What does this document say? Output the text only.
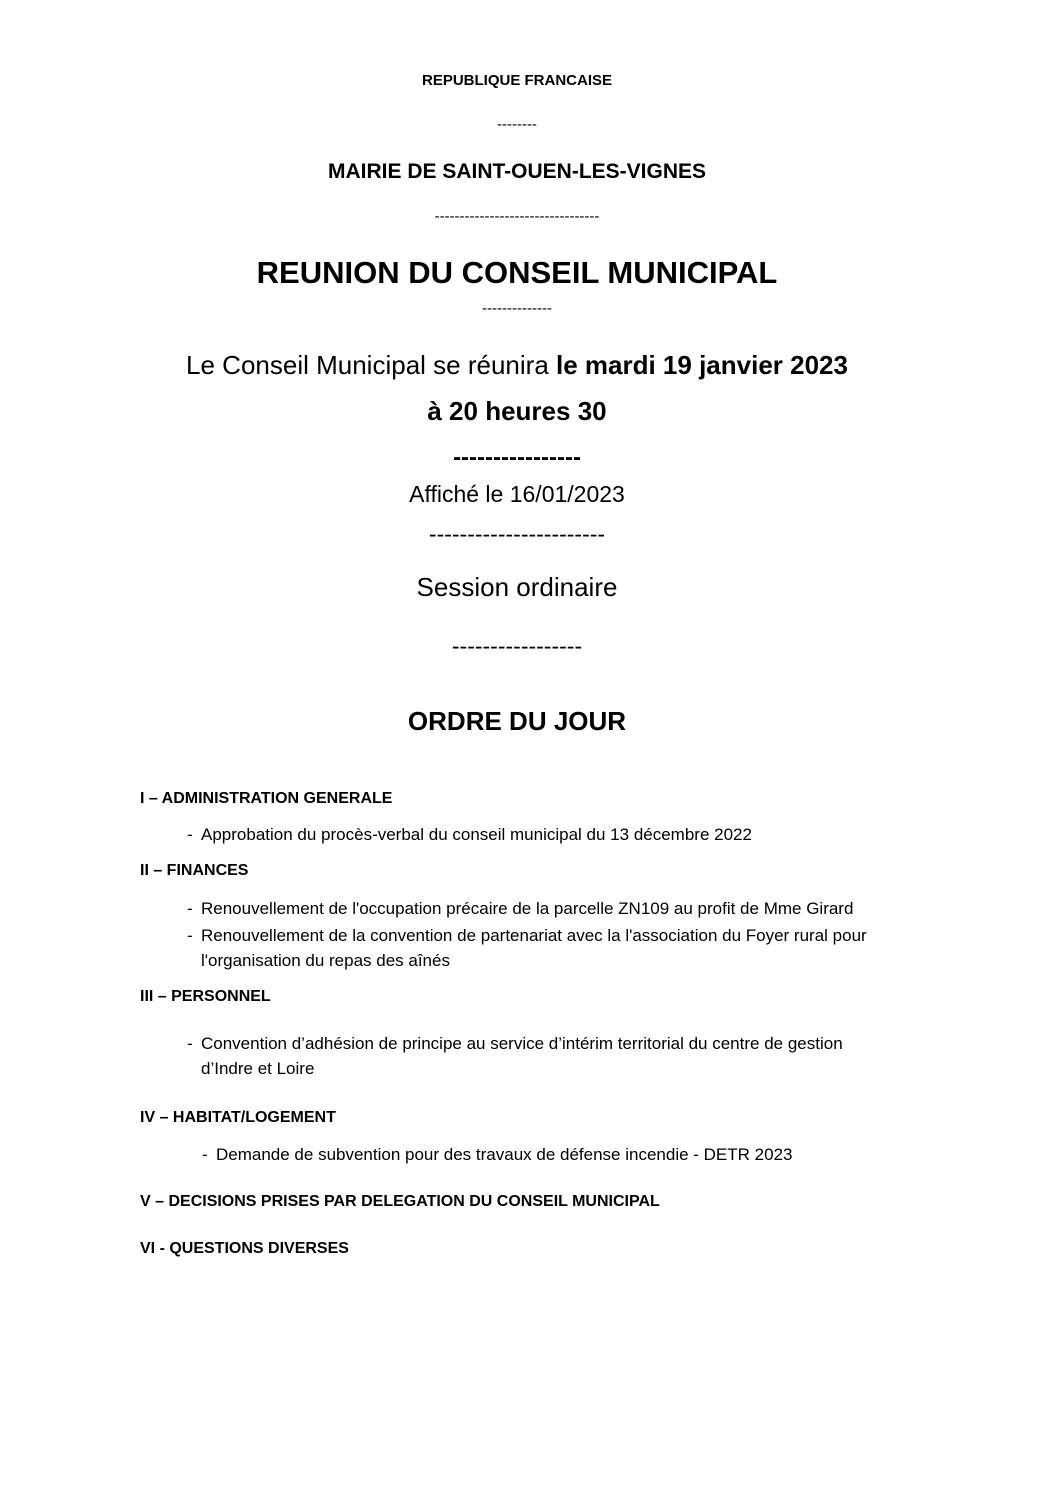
REPUBLIQUE FRANCAISE
--------
MAIRIE DE SAINT-OUEN-LES-VIGNES
---------------------------------
REUNION DU CONSEIL MUNICIPAL
--------------
Le Conseil Municipal se réunira le mardi 19 janvier 2023
à 20 heures 30
----------------
Affiché le 16/01/2023
-----------------------
Session ordinaire
-----------------
ORDRE DU JOUR
I – ADMINISTRATION GENERALE
- Approbation du procès-verbal du conseil municipal du 13 décembre 2022
II – FINANCES
- Renouvellement de l'occupation précaire de la parcelle ZN109 au profit de Mme Girard
- Renouvellement de la convention de partenariat avec la l'association du Foyer rural pour
l'organisation du repas des aînés
III – PERSONNEL
- Convention d’adhésion de principe au service d’intérim territorial du centre de gestion
d’Indre et Loire
IV – HABITAT/LOGEMENT
- Demande de subvention pour des travaux de défense incendie - DETR 2023
V – DECISIONS PRISES PAR DELEGATION DU CONSEIL MUNICIPAL
VI - QUESTIONS DIVERSES
